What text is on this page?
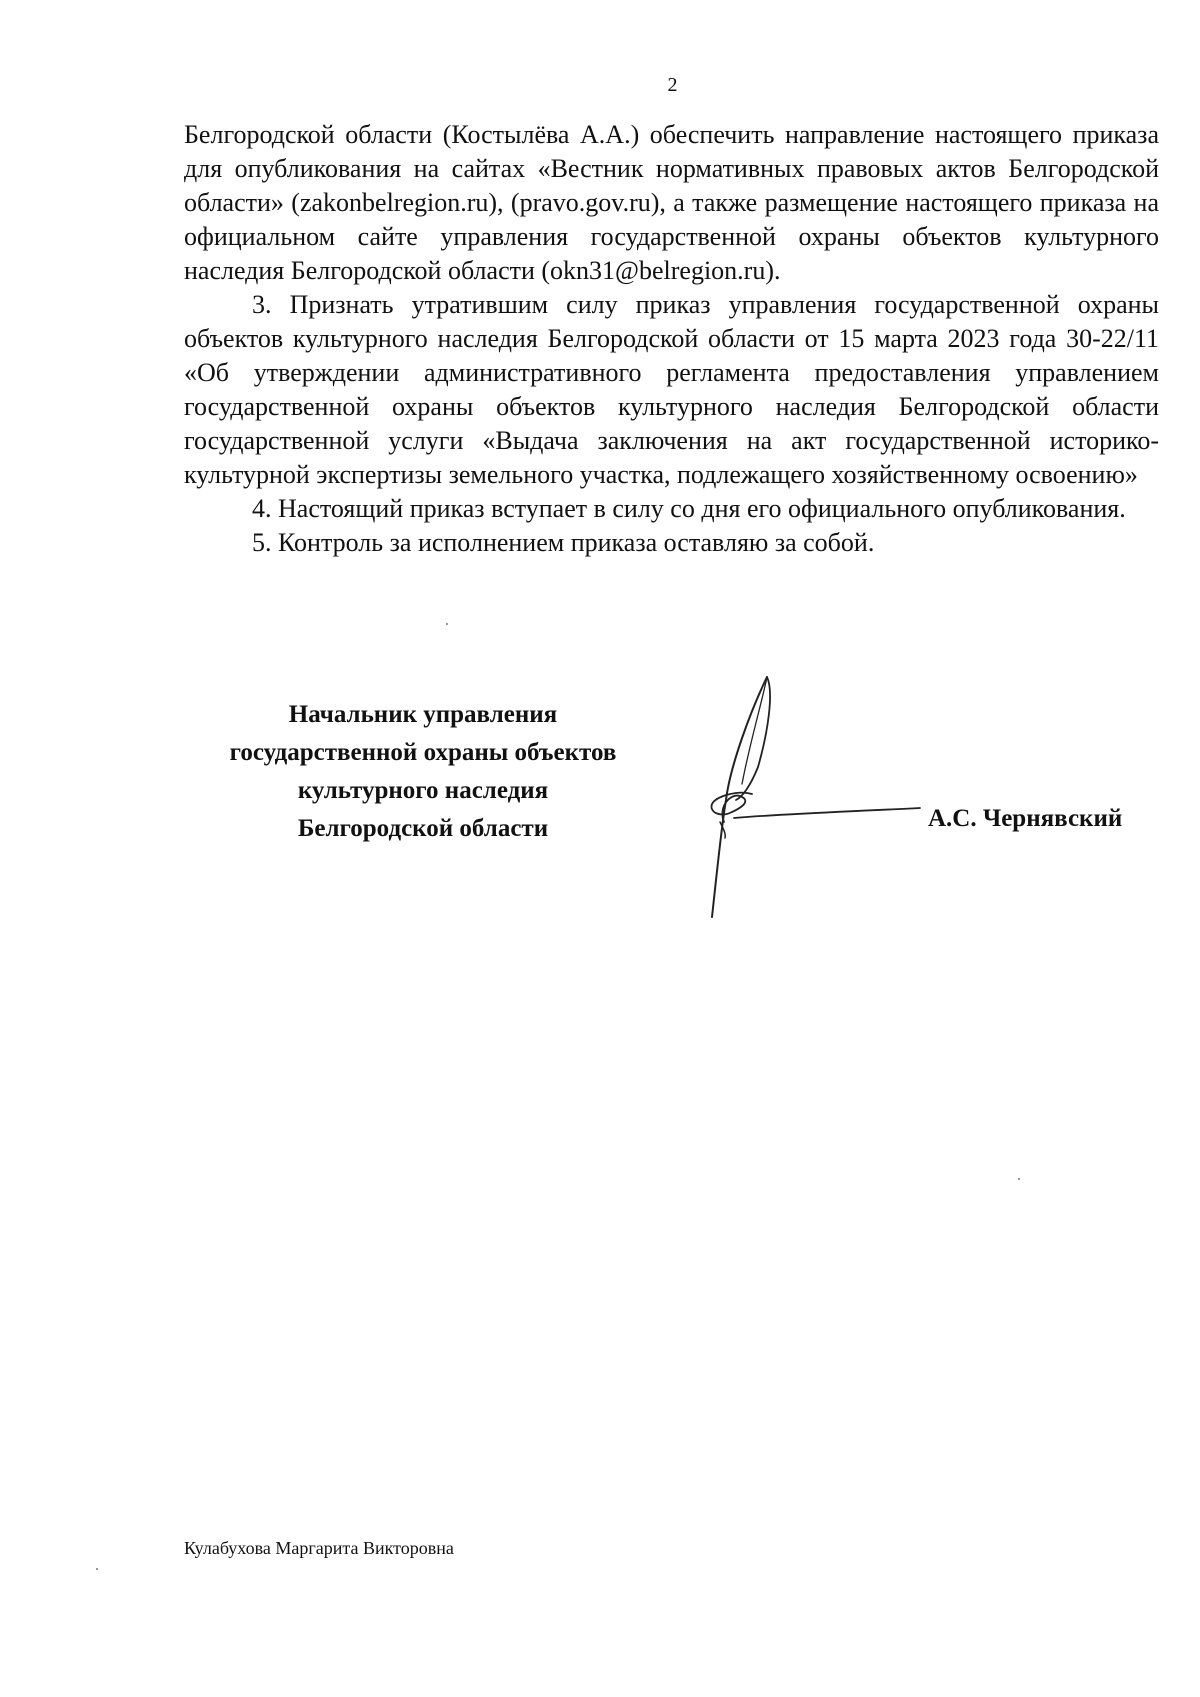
2

Белгородской области (Костылёва А.А.) обеспечить направление настоящего приказа для опубликования на сайтах «Вестник нормативных правовых актов Белгородской области» (zakonbelregion.ru), (pravo.gov.ru), а также размещение настоящего приказа на официальном сайте управления государственной охраны объектов культурного наследия Белгородской области (okn31@belregion.ru).

3. Признать утратившим силу приказ управления государственной охраны объектов культурного наследия Белгородской области от 15 марта 2023 года 30-22/11 «Об утверждении административного регламента предоставления управлением государственной охраны объектов культурного наследия Белгородской области государственной услуги «Выдача заключения на акт государственной историко-культурной экспертизы земельного участка, подлежащего хозяйственному освоению»

4. Настоящий приказ вступает в силу со дня его официального опубликования.

5. Контроль за исполнением приказа оставляю за собой.

Начальник управления
государственной охраны объектов
культурного наследия
Белгородской области	А.С. Чернявский
Кулабухова Маргарита Викторовна
